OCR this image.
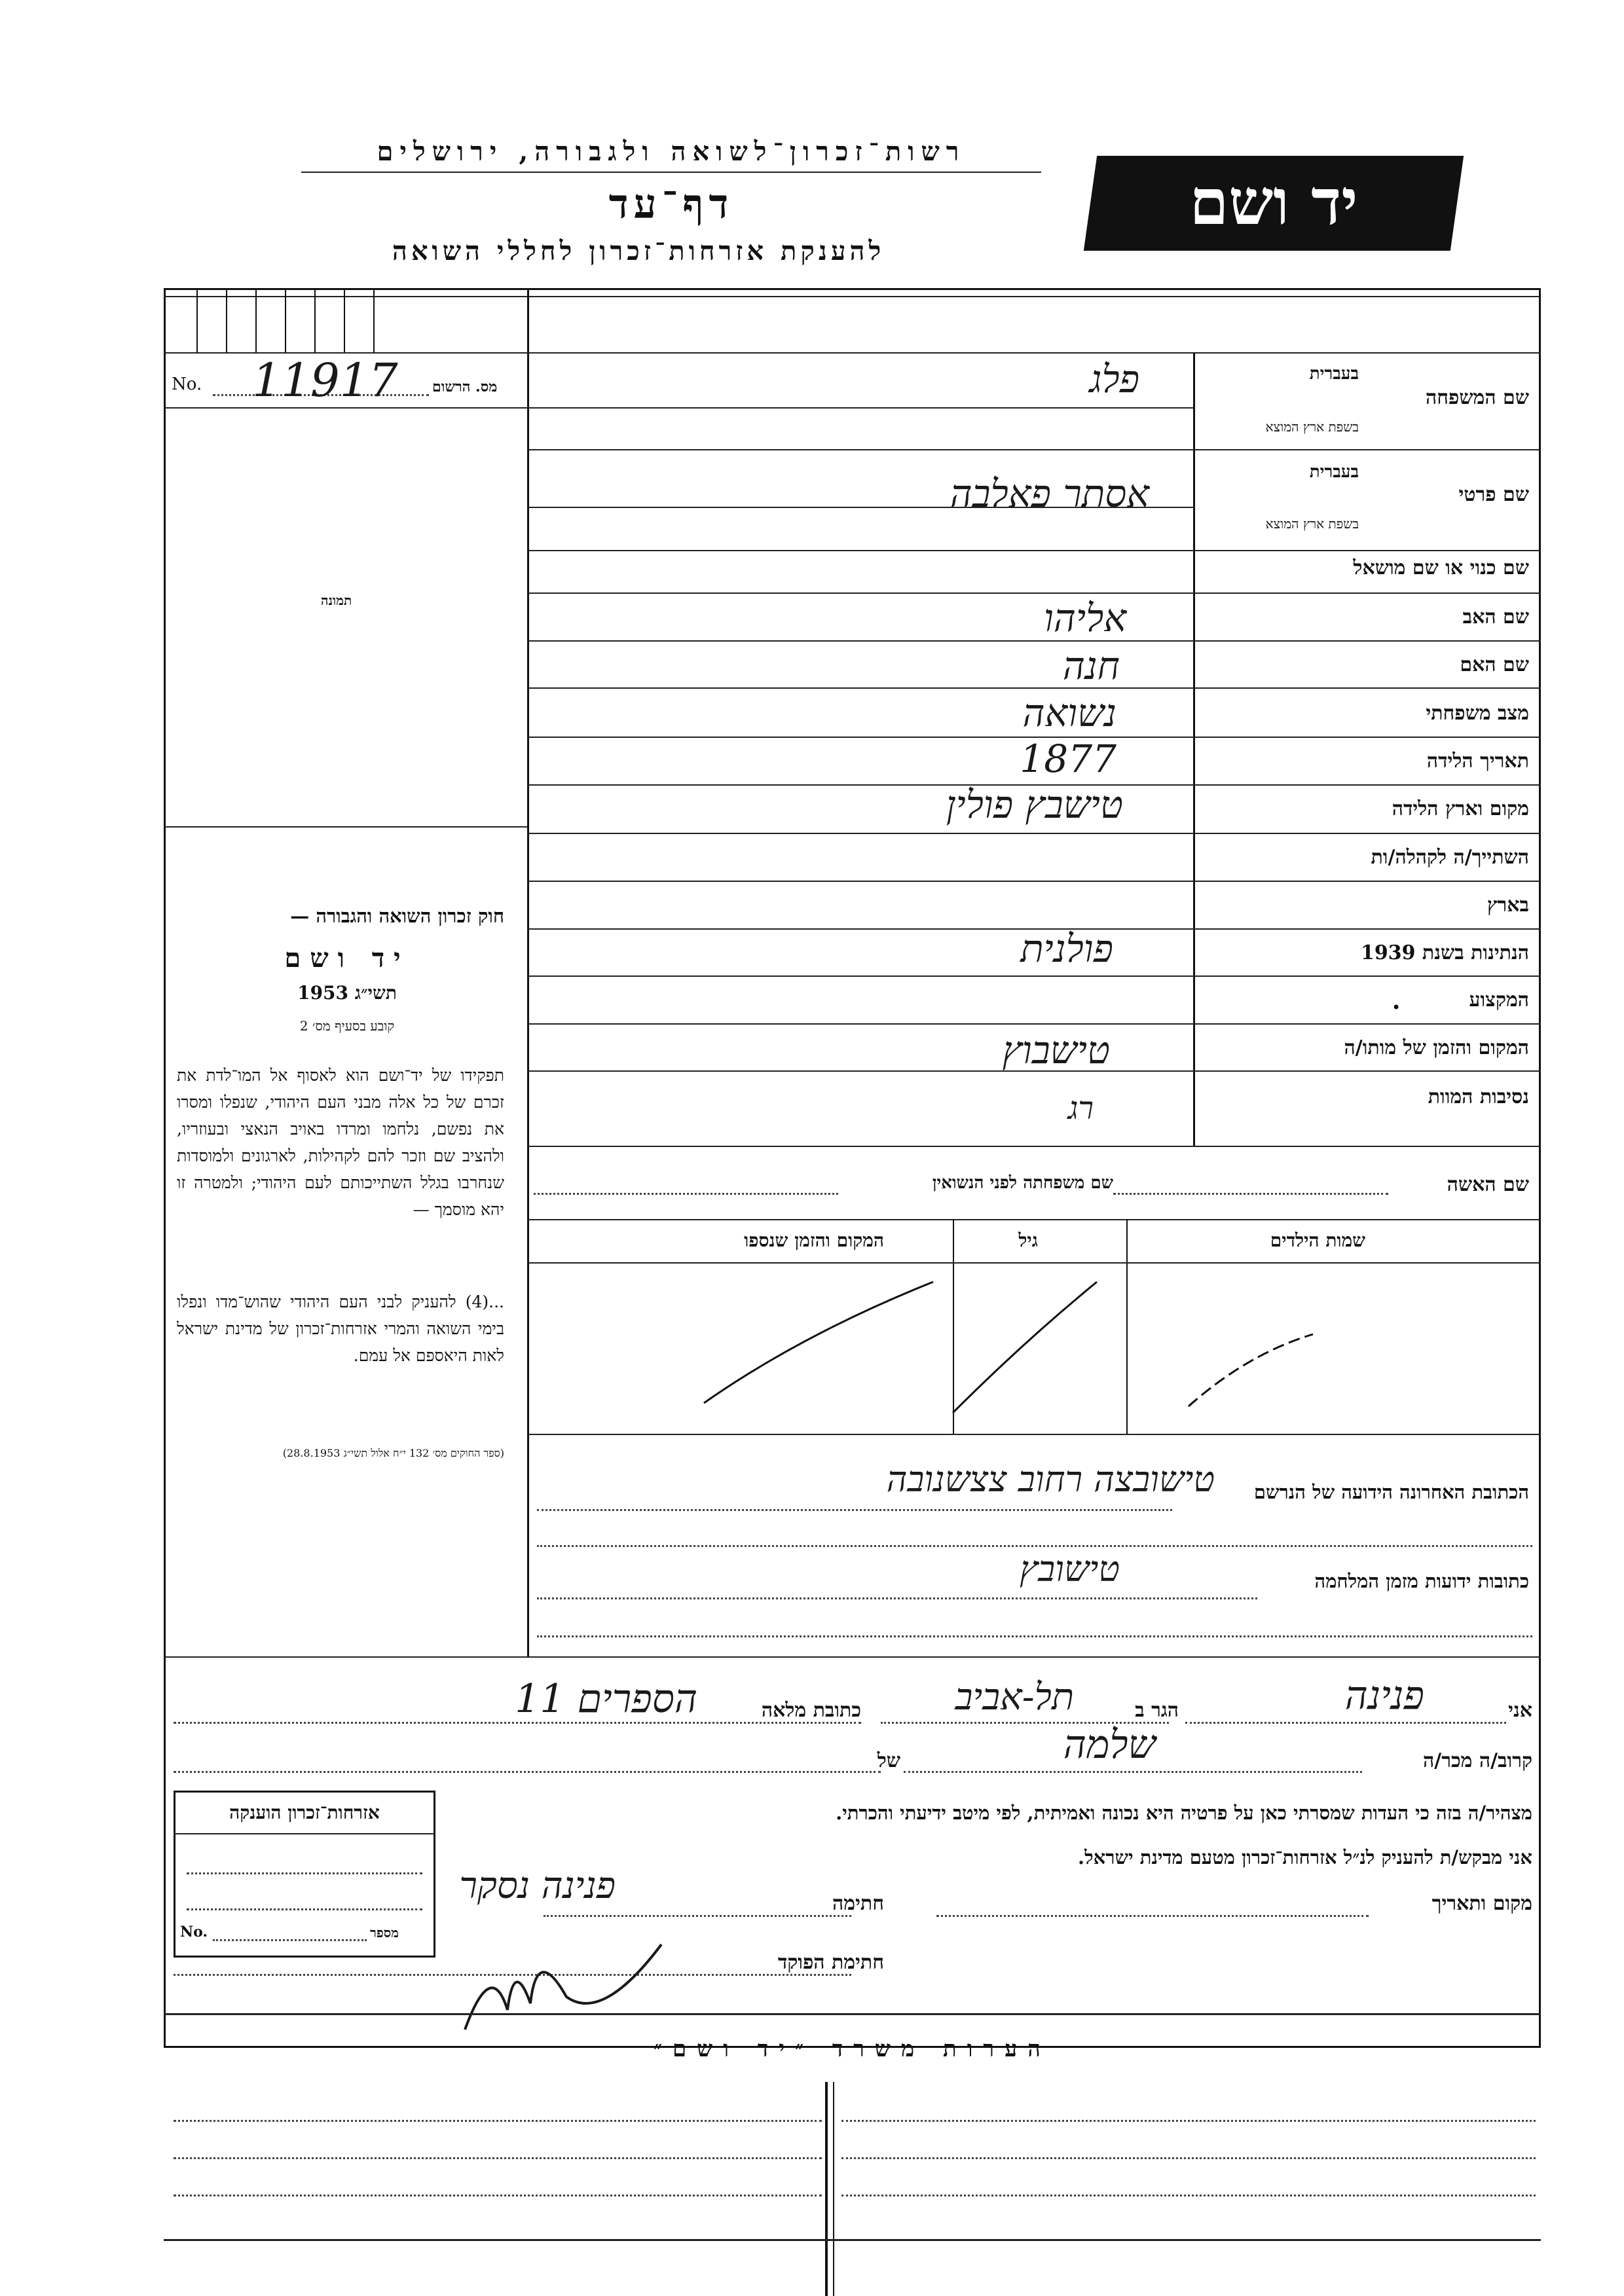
רשות־זכרון־לשואה ולגבורה, ירושלים
דף־עד
להענקת אזרחות־זכרון לחללי השואה
יד ושם
No. 11917 מס. הרשום
תמונה
שם המשפחה
בעברית
בשפת ארץ המוצא
פלג
שם פרטי
בעברית
בשפת ארץ המוצא
אסתר פאלבה
שם כנוי או שם מושאל
שם האב
אליהו
שם האם
חנה
מצב משפחתי
נשואה
תאריך הלידה
1877
מקום וארץ הלידה
טישבץ פולין
השתייך/ה לקהלה/ות
בארץ
הנתינות בשנת 1939
פולנית
המקצוע
•
המקום והזמן של מותו/ה
טישבוץ
נסיבות המוות
רג
שם האשה
שם משפחתה לפני הנשואין
שמות הילדים
גיל
המקום והזמן שנספו
הכתובת האחרונה הידועה של הנרשם
טישובצה רחוב צצשנובה
כתובות ידועות מזמן המלחמה
טישובץ
חוק זכרון השואה והגבורה —
יד ושם
תשי״ג 1953
קובע בסעיף מס׳ 2
תפקידו של יד־ושם הוא לאסוף אל המו־לדת את זכרם של כל אלה מבני העם היהודי, שנפלו ומסרו את נפשם, נלחמו ומרדו באויב הנאצי ובעוזריו, ולהציב שם וזכר להם לקהילות, לארגונים ולמוסדות שנחרבו בגלל השתייכותם לעם היהודי; ולמטרה זו יהא מוסמך —
...(4) להעניק לבני העם היהודי שהוש־מדו ונפלו בימי השואה והמרי אזרחות־זכרון של מדינת ישראל לאות היאספם אל עמם.
(ספר החוקים מס׳ 132 י״ח אלול תשי״ג 28.8.1953)
אני
פנינה
הגר ב
תל-אביב
כתובת מלאה
הספרים 11
קרוב/ה מכר/ה
שלמה
של
מצהיר/ה בזה כי העדות שמסרתי כאן על פרטיה היא נכונה ואמיתית, לפי מיטב ידיעתי והכרתי.
אני מבקש/ת להעניק לנ״ל אזרחות־זכרון מטעם מדינת ישראל.
מקום ותאריך
חתימה
פנינה נסקר
חתימת הפוקד
אזרחות־זכרון הוענקה
No.	מספר
הערות משרד ״יד ושם״
